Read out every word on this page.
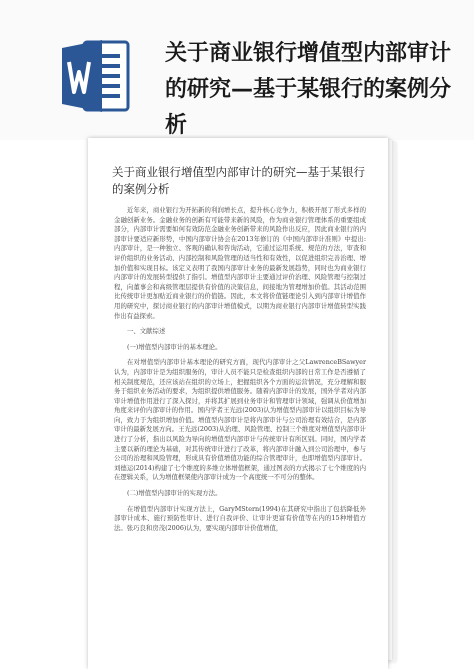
关于商业银行增值型内部审计的研究—基于某银行的案例分析
关于商业银行增值型内部审计的研究—基于某银行的案例分析

近年来，商业银行为开拓新的利润增长点，提升核心竞争力，积极开展了形式多样的金融创新业务。金融业务的创新有可能带来新的风险，作为商业银行管理体系的重要组成部分，内部审计需要如何有效防范金融业务创新带来的风险作出反应，因此商业银行的内部审计要适应新形势，中国内部审计协会在2013年修订的《中国内部审计准则》中提出:内部审计，是一种独立、客观的确认和咨询活动，它通过运用系统、规范的方法，审查和评价组织的业务活动、内部控制和风险管理的适当性和有效性，以促进组织完善治理、增加价值和实现目标。该定义表明了我国内部审计业务的最新发展趋势，同时也为商业银行内部审计的发展转型提供了指引。增值型内部审计主要通过评价治理、风险管理与控制过程，向董事会和高级管理层提供有价值的决策信息，间接地为管理增加价值。其活动范围比传统审计更加贴近商业银行的价值链。因此，本文将价值链理论引入到内部审计增值作用的研究中，探讨商业银行的内部审计增值模式，以期为商业银行内部审计增值转型实践作出有益探索。

一、文献综述
(一)增值型内部审计的基本理论。

在对增值型内部审计基本理论的研究方面，现代内部审计之父LawrenceBSawyer认为，内部审计是为组织服务的，审计人员不能只是检查组织内部的日常工作是否遵循了相关制度规范，还应该站在组织的立场上，把握组织各个方面的运营情况，充分理解和服务于组织业务活动的要求，为组织提供增值服务。随着内部审计的发展，国外学者对内部审计增值作用进行了深入探讨，并将其扩展到业务审计和管理审计领域，强调从价值增加角度来评价内部审计的作用。国内学者王光远(2003)认为增值型内部审计以组织目标为导向，致力于为组织增加价值。增值型内部审计是将内部审计与公司治理有效结合，是内部审计的最新发展方向。王光远(2003)从治理、风险管理、控制三个维度对增值型内部审计进行了分析，指出以风险为导向的增值型内部审计与传统审计有所区别。同时，国内学者主要以新的理论为基础，对其传统审计进行了改革，将内部审计融入到公司治理中，参与公司的治理和风险管理，形成具有价值增值功能的综合管理审计，也即增值型内部审计。刘德运(2014)构建了七个维度的多维立体增值框架，通过图表的方式揭示了七个维度的内在逻辑关系，认为增值框架使内部审计成为一个高度统一不可分的整体。

(二)增值型内部审计的实现方法。

在增值型内部审计实现方法上，GaryMStern(1994)在其研究中指出了包括降低外部审计成本、施行预防性审计、进行自我评价、让审计更富有价值等在内的15种增值方法。张巧良和房茂(2006)认为，要实现内部审计价值增值，
